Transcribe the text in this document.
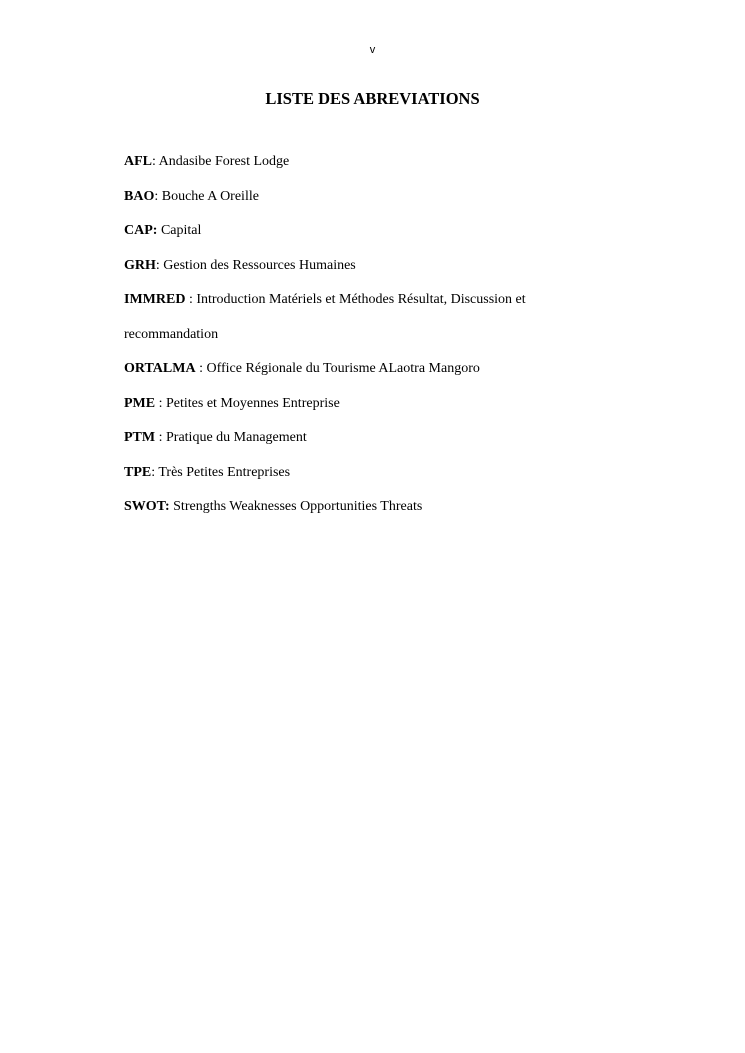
v
LISTE DES ABREVIATIONS
AFL: Andasibe Forest Lodge
BAO: Bouche A Oreille
CAP: Capital
GRH: Gestion des Ressources Humaines
IMMRED : Introduction Matériels et Méthodes Résultat, Discussion et
recommandation
ORTALMA : Office Régionale du Tourisme ALaotra Mangoro
PME : Petites et Moyennes Entreprise
PTM : Pratique du Management
TPE: Très Petites Entreprises
SWOT: Strengths Weaknesses Opportunities Threats
